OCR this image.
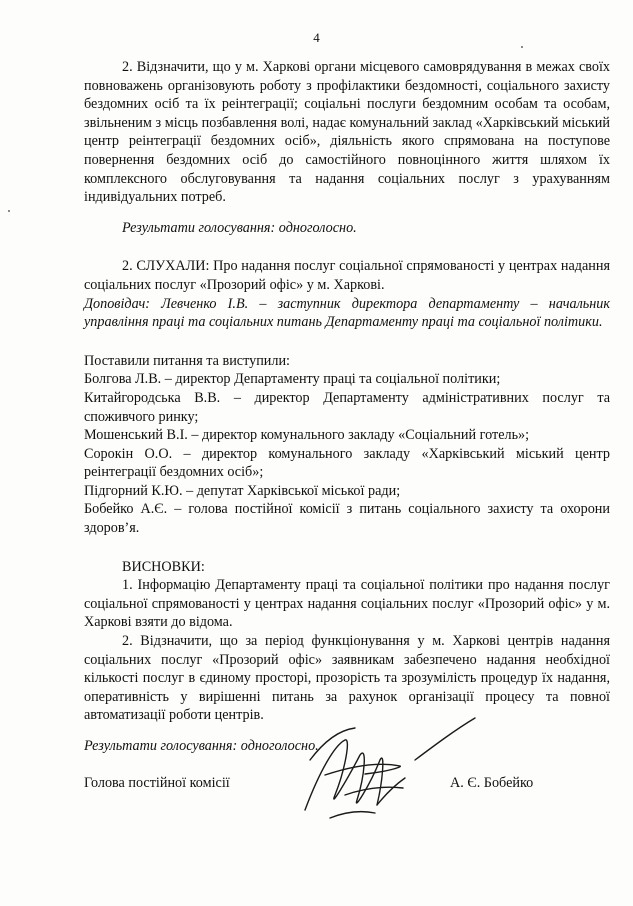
4

2. Відзначити, що у м. Харкові органи місцевого самоврядування в межах своїх повноважень організовують роботу з профілактики бездомності, соціального захисту бездомних осіб та їх реінтеграції; соціальні послуги бездомним особам та особам, звільненим з місць позбавлення волі, надає комунальний заклад «Харківський міський центр реінтеграції бездомних осіб», діяльність якого спрямована на поступове повернення бездомних осіб до самостійного повноцінного життя шляхом їх комплексного обслуговування та надання соціальних послуг з урахуванням індивідуальних потреб.

Результати голосування: одноголосно.

2. СЛУХАЛИ: Про надання послуг соціальної спрямованості у центрах надання соціальних послуг «Прозорий офіс» у м. Харкові.

Доповідач: Левченко І.В. – заступник директора департаменту – начальник управління праці та соціальних питань Департаменту праці та соціальної політики.

Поставили питання та виступили:

Болгова Л.В. – директор Департаменту праці та соціальної політики;

Китайгородська В.В. – директор Департаменту адміністративних послуг та споживчого ринку;

Мошенський В.І. – директор комунального закладу «Соціальний готель»;

Сорокін О.О. – директор комунального закладу «Харківський міський центр реінтеграції бездомних осіб»;

Підгорний К.Ю. – депутат Харківської міської ради;

Бобейко А.Є. – голова постійної комісії з питань соціального захисту та охорони здоров’я.

ВИСНОВКИ:

1. Інформацію Департаменту праці та соціальної політики про надання послуг соціальної спрямованості у центрах надання соціальних послуг «Прозорий офіс» у м. Харкові взяти до відома.

2. Відзначити, що за період функціонування у м. Харкові центрів надання соціальних послуг «Прозорий офіс» заявникам забезпечено надання необхідної кількості послуг в єдиному просторі, прозорість та зрозумілість процедур їх надання, оперативність у вирішенні питань за рахунок організації процесу та повної автоматизації роботи центрів.

Результати голосування: одноголосно.

Голова постійної комісії	А. Є. Бобейко
